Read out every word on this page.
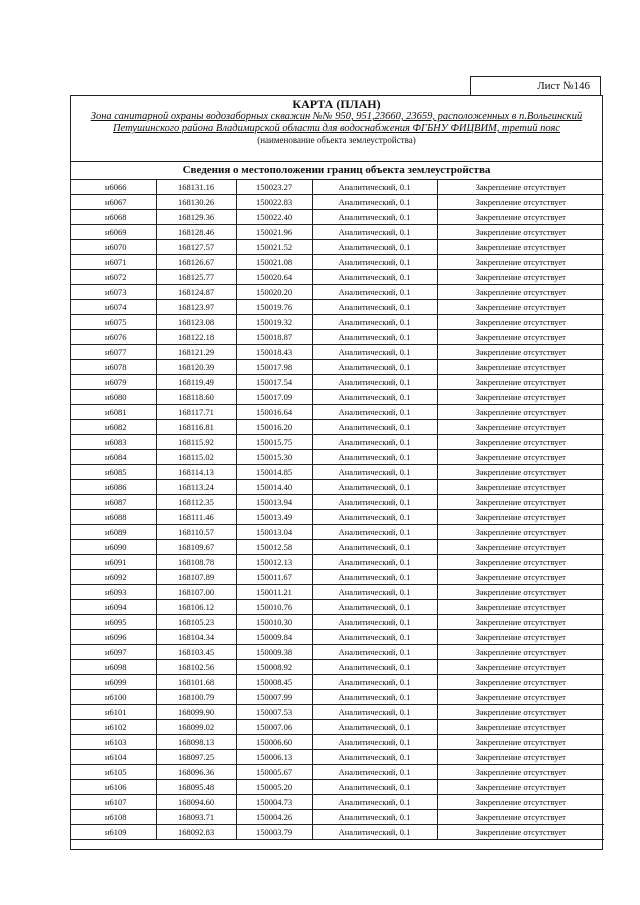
Лист №146
КАРТА (ПЛАН)
Зона санитарной охраны водозаборных скважин №№ 950, 951,23660, 23659, расположенных в п.Вольгинский Петушинского района Владимирской области для водоснабжения ФГБНУ ФИЦВИМ, третий пояс
(наименование объекта землеустройства)
Сведения о местоположении границ объекта землеустройства
н6066	168131.16	150023.27	Аналитический, 0.1	Закрепление отсутствует
н6067	168130.26	150022.83	Аналитический, 0.1	Закрепление отсутствует
н6068	168129.36	150022.40	Аналитический, 0.1	Закрепление отсутствует
н6069	168128.46	150021.96	Аналитический, 0.1	Закрепление отсутствует
н6070	168127.57	150021.52	Аналитический, 0.1	Закрепление отсутствует
н6071	168126.67	150021.08	Аналитический, 0.1	Закрепление отсутствует
н6072	168125.77	150020.64	Аналитический, 0.1	Закрепление отсутствует
н6073	168124.87	150020.20	Аналитический, 0.1	Закрепление отсутствует
н6074	168123.97	150019.76	Аналитический, 0.1	Закрепление отсутствует
н6075	168123.08	150019.32	Аналитический, 0.1	Закрепление отсутствует
н6076	168122.18	150018.87	Аналитический, 0.1	Закрепление отсутствует
н6077	168121.29	150018.43	Аналитический, 0.1	Закрепление отсутствует
н6078	168120.39	150017.98	Аналитический, 0.1	Закрепление отсутствует
н6079	168119.49	150017.54	Аналитический, 0.1	Закрепление отсутствует
н6080	168118.60	150017.09	Аналитический, 0.1	Закрепление отсутствует
н6081	168117.71	150016.64	Аналитический, 0.1	Закрепление отсутствует
н6082	168116.81	150016.20	Аналитический, 0.1	Закрепление отсутствует
н6083	168115.92	150015.75	Аналитический, 0.1	Закрепление отсутствует
н6084	168115.02	150015.30	Аналитический, 0.1	Закрепление отсутствует
н6085	168114.13	150014.85	Аналитический, 0.1	Закрепление отсутствует
н6086	168113.24	150014.40	Аналитический, 0.1	Закрепление отсутствует
н6087	168112.35	150013.94	Аналитический, 0.1	Закрепление отсутствует
н6088	168111.46	150013.49	Аналитический, 0.1	Закрепление отсутствует
н6089	168110.57	150013.04	Аналитический, 0.1	Закрепление отсутствует
н6090	168109.67	150012.58	Аналитический, 0.1	Закрепление отсутствует
н6091	168108.78	150012.13	Аналитический, 0.1	Закрепление отсутствует
н6092	168107.89	150011.67	Аналитический, 0.1	Закрепление отсутствует
н6093	168107.00	150011.21	Аналитический, 0.1	Закрепление отсутствует
н6094	168106.12	150010.76	Аналитический, 0.1	Закрепление отсутствует
н6095	168105.23	150010.30	Аналитический, 0.1	Закрепление отсутствует
н6096	168104.34	150009.84	Аналитический, 0.1	Закрепление отсутствует
н6097	168103.45	150009.38	Аналитический, 0.1	Закрепление отсутствует
н6098	168102.56	150008.92	Аналитический, 0.1	Закрепление отсутствует
н6099	168101.68	150008.45	Аналитический, 0.1	Закрепление отсутствует
н6100	168100.79	150007.99	Аналитический, 0.1	Закрепление отсутствует
н6101	168099.90	150007.53	Аналитический, 0.1	Закрепление отсутствует
н6102	168099.02	150007.06	Аналитический, 0.1	Закрепление отсутствует
н6103	168098.13	150006.60	Аналитический, 0.1	Закрепление отсутствует
н6104	168097.25	150006.13	Аналитический, 0.1	Закрепление отсутствует
н6105	168096.36	150005.67	Аналитический, 0.1	Закрепление отсутствует
н6106	168095.48	150005.20	Аналитический, 0.1	Закрепление отсутствует
н6107	168094.60	150004.73	Аналитический, 0.1	Закрепление отсутствует
н6108	168093.71	150004.26	Аналитический, 0.1	Закрепление отсутствует
н6109	168092.83	150003.79	Аналитический, 0.1	Закрепление отсутствует
